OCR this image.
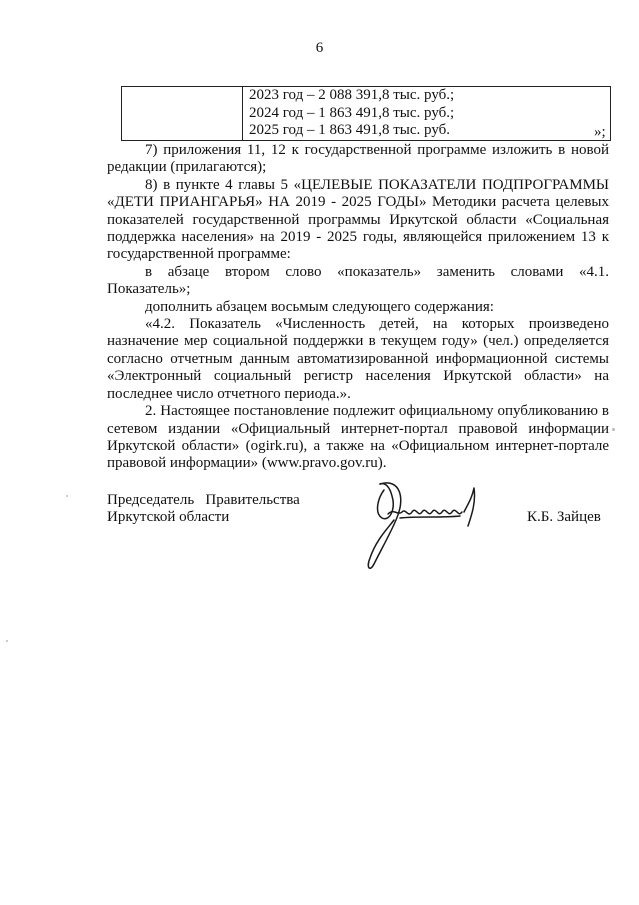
6

2023 год – 2 088 391,8 тыс. руб.;
2024 год – 1 863 491,8 тыс. руб.;
2025 год – 1 863 491,8 тыс. руб.	»;

7) приложения 11, 12 к государственной программе изложить в новой редакции (прилагаются);

8) в пункте 4 главы 5 «ЦЕЛЕВЫЕ ПОКАЗАТЕЛИ ПОДПРОГРАММЫ «ДЕТИ ПРИАНГАРЬЯ» НА 2019 - 2025 ГОДЫ» Методики расчета целевых показателей государственной программы Иркутской области «Социальная поддержка населения» на 2019 - 2025 годы, являющейся приложением 13 к государственной программе:

в абзаце втором слово «показатель» заменить словами «4.1. Показатель»;

дополнить абзацем восьмым следующего содержания:

«4.2. Показатель «Численность детей, на которых произведено назначение мер социальной поддержки в текущем году» (чел.) определяется согласно отчетным данным автоматизированной информационной системы «Электронный социальный регистр населения Иркутской области» на последнее число отчетного периода.».

2. Настоящее постановление подлежит официальному опубликованию в сетевом издании «Официальный интернет-портал правовой информации Иркутской области» (ogirk.ru), а также на «Официальном интернет-портале правовой информации» (www.pravo.gov.ru).

Председатель   Правительства
Иркутской области	К.Б. Зайцев
